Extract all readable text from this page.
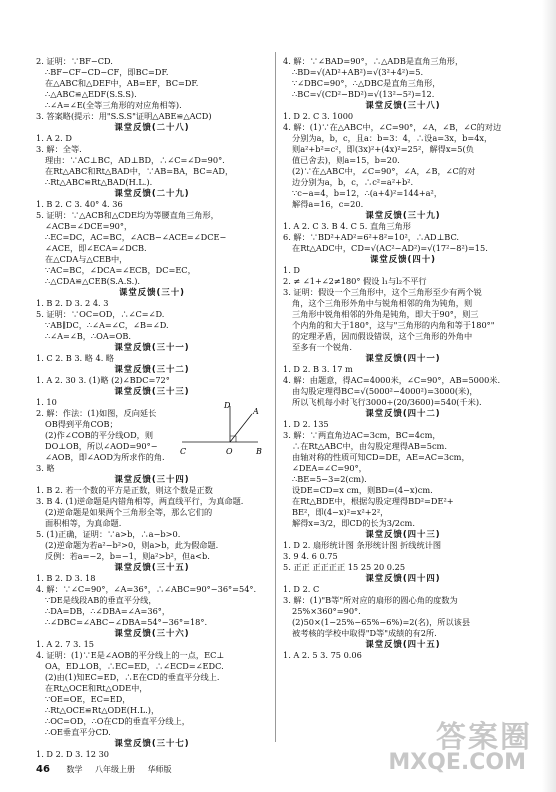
2. 证明：∵BF−CD.
∴BF−CF−CD−CF，即BC=DF.
在△ABC和△DEF中，AB=EF，BC=DF.
∴△ABC≌△EDF(S.S.S).
∴∠A=∠E(全等三角形的对应角相等).
3. 答案略(提示：用"S.S.S"证明△ABE≌△ACD)
课堂反馈(二十八)
1. A 2. D
3. 解：全等.
理由：∵AC⊥BC，AD⊥BD，∴∠C=∠D=90°.
在Rt△ABC和Rt△BAD中，∵AB=BA，BC=AD，
∴Rt△ABC≌Rt△BAD(H.L.).
课堂反馈(二十九)
1. B 2. C 3. 40° 4. 36
5. 证明：∵△ACB和△CDE均为等腰直角三角形，
∠ACB=∠DCE=90°，
∴EC=DC，AC=BC，∠ACB−∠ACE=∠DCE−
∠ACE，即∠ECA=∠DCB.
在△CDA与△CEB中，
∵AC=BC，∠DCA=∠ECB，DC=EC，
∴△CDA≌△CEB(S.A.S.).
课堂反馈(三十)
1. B 2. D 3. 2 4. 3
5. 证明：∵OC=OD，∴∠C=∠D.
∵AB∥DC，∴∠A=∠C，∠B=∠D.
∴∠A=∠B，∴OA=OB.
课堂反馈(三十一)
1. C 2. B 3. 略 4. 略
课堂反馈(三十二)
1. A 2. 30 3. (1)略 (2)∠BDC=72°
课堂反馈(三十三)
1. 10
2. 解：作法：(1)如图，反向延长
OB得到平角COB；
(2)作∠COB的平分线OD，则
DO⊥OB，所以∠AOD=90°−
∠AOB，即∠AOD为所求作的角.
3. 略
课堂反馈(三十四)
1. B 2. 若一个数的平方是正数，则这个数是正数
3. B 4. (1)逆命题是内错角相等，两直线平行，为真命题.
(2)逆命题是如果两个三角形全等，那么它们的
面积相等，为真命题.
5. (1)正确，证明：∵a>b，∴a−b>0.
(2)逆命题为若a²−b²>0，则a>b，此为假命题.
反例：若a=−2，b=−1，则a²>b²，但a<b.
课堂反馈(三十五)
1. B 2. D 3. 18
4. 解：∵∠C=90°，∠A=36°，∴∠ABC=90°−36°=54°.
∵DE是线段AB的垂直平分线，
∴DA=DB，∴∠DBA=∠A=36°，
∴∠DBC=∠ABC−∠DBA=54°−36°=18°.
课堂反馈(三十六)
1. A 2. 7 3. 15
4. 证明：(1)∵E是∠AOB的平分线上的一点，EC⊥
OA，ED⊥OB，∴EC=ED，∴∠ECD=∠EDC.
(2)由(1)知EC=ED，∴E在CD的垂直平分线上.
在Rt△OCE和Rt△ODE中，
∵OE=OE，EC=ED，
∴Rt△OCE≌Rt△ODE(H.L.)，
∴OC=OD，∴O在CD的垂直平分线上，
∴OE垂直平分CD.
课堂反馈(三十七)
1. D 2. D 3. 12 30
4. 解：∵∠BAD=90°，∴△ADB是直角三角形，
∴BD=√(AD²+AB²)=√(3²+4²)=5.
∵∠DBC=90°，∴△DBC是直角三角形，
∴BC=√(CD²−BD²)=√(13²−5²)=12.
课堂反馈(三十八)
1. D 2. C 3. 1000
4. 解：(1)∵在△ABC中，∠C=90°，∠A，∠B，∠C的对边
分别为a，b，c，且a：b=3：4，∴设a=3x，b=4x，
则a²+b²=c²，即(3x)²+(4x)²=25²，解得x=5(负
值已舍去)，则a=15，b=20.
(2)∵在△ABC中，∠C=90°，∠A，∠B，∠C的对
边分别为a，b，c，∴c²=a²+b².
∵c−a=4，b=12，∴(a+4)²=144+a²，
解得a=16，c=20.
课堂反馈(三十九)
1. A 2. C 3. B 4. C 5. 直角三角形
6. 解：∵BD²+AD²=6²+8²=10²，∴AD⊥BC.
在Rt△ADC中，CD=√(AC²−AD²)=√(17²−8²)=15.
课堂反馈(四十)
1. D
2. ≠ ∠1+∠2≠180° 假设 l₁与l₂不平行
3. 证明：假设一个三角形中，这个三角形至少有两个锐
角，这个三角形外角中与锐角相邻的角为钝角，则
三角形中锐角相邻的外角是钝角，即大于90°，则三
个内角的和大于180°，这与"三角形的内角和等于180°"
的定理矛盾，因而假设错误，这个三角形的外角中
至多有一个锐角.
课堂反馈(四十一)
1. D 2. B 3. 17 m
4. 解：由题意，得AC=4000米，∠C=90°，AB=5000米.
由勾股定理得BC=√(5000²−4000²)=3000(米)，
所以飞机每小时飞行3000÷(20/3600)=540(千米).
课堂反馈(四十二)
1. D 2. 135
3. 解：∵两直角边AC=3cm，BC=4cm，
∴在Rt△ABC中，由勾股定理得AB=5cm.
由轴对称的性质可知CD=DE，AE=AC=3cm，
∠DEA=∠C=90°，
∴BE=5−3=2(cm).
设DE=CD=x cm，则BD=(4−x)cm.
在Rt△BDE中，根据勾股定理得BD²=DE²+
BE²，即(4−x)²=x²+2²，
解得x=3/2，即CD的长为3/2cm.
课堂反馈(四十三)
1. D 2. 扇形统计图 条形统计图 折线统计图
3. 9 4. 6 0.75
5. 正正 正正正正 15 25 20 0.25
课堂反馈(四十四)
1. D 2. C
3. 解：(1)"B等"所对应的扇形的圆心角的度数为
25%×360°=90°.
(2)50×(1−25%−65%−6%)=2(名)，所以该县
被考核的学校中取得"D等"成绩的有2所.
课堂反馈(四十五)
1. A 2. 5 3. 75 0.06
D
A
C	O	B
46 数学 八年级上册 华师版
答案圈
MXQE.COM
